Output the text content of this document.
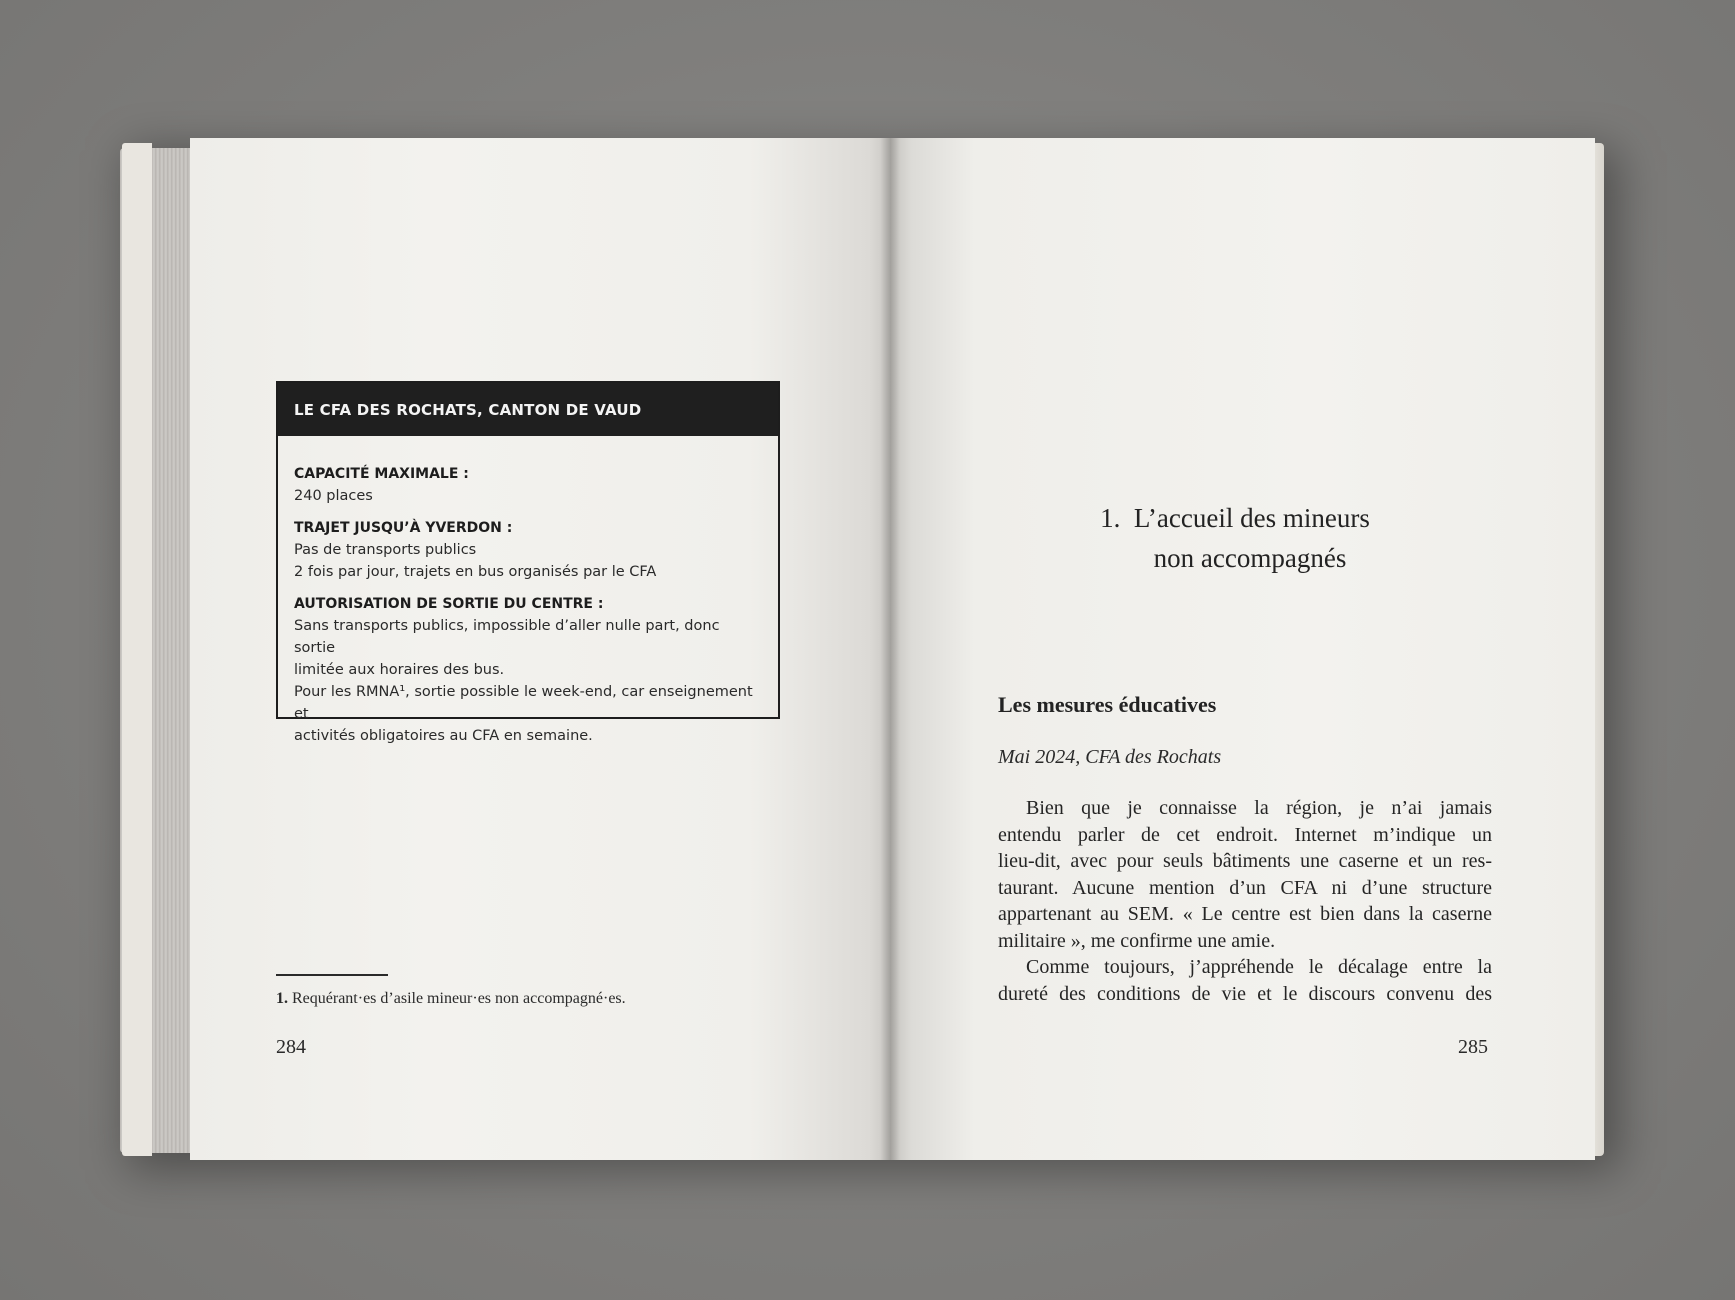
LE CFA DES ROCHATS, CANTON DE VAUD
CAPACITÉ MAXIMALE :
240 places
TRAJET JUSQU’À YVERDON :
Pas de transports publics
2 fois par jour, trajets en bus organisés par le CFA
AUTORISATION DE SORTIE DU CENTRE :
Sans transports publics, impossible d’aller nulle part, donc sortie
limitée aux horaires des bus.
Pour les RMNA¹, sortie possible le week-end, car enseignement et
activités obligatoires au CFA en semaine.
1. Requérant·es d’asile mineur·es non accompagné·es.
284
1.  L’accueil des mineurs
non accompagnés
Les mesures éducatives
Mai 2024, CFA des Rochats
Bien que je connaisse la région, je n’ai jamais
entendu parler de cet endroit. Internet m’indique un
lieu-dit, avec pour seuls bâtiments une caserne et un res-
taurant. Aucune mention d’un CFA ni d’une structure
appartenant au SEM. « Le centre est bien dans la caserne
militaire », me confirme une amie.
Comme toujours, j’appréhende le décalage entre la
dureté des conditions de vie et le discours convenu des
285
